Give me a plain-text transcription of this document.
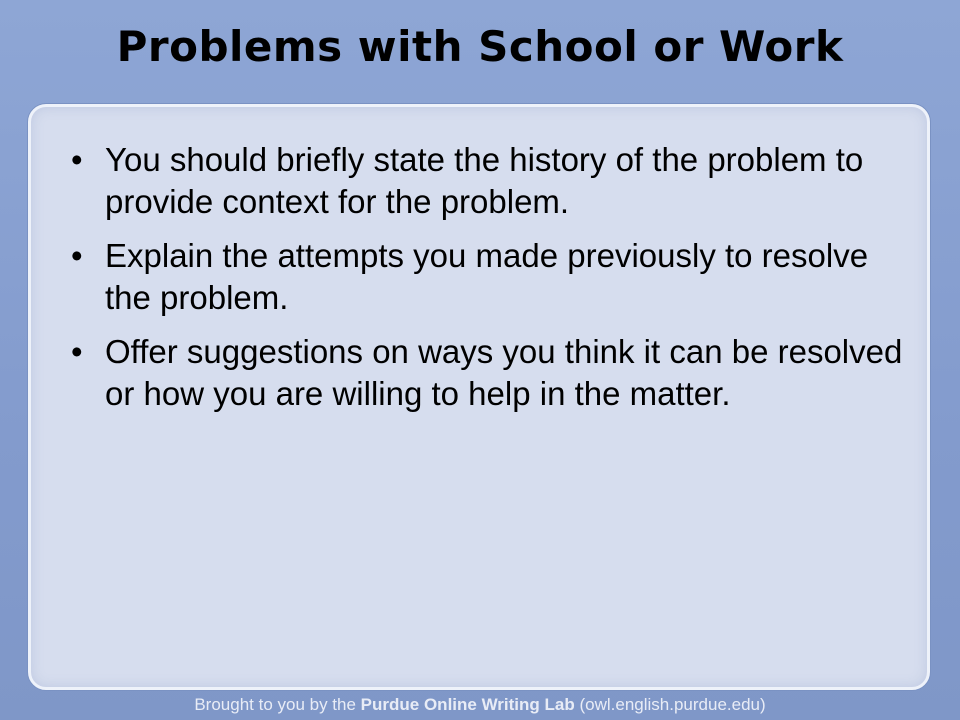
Problems with School or Work
• You should briefly state the history of the problem to provide context for the problem.
• Explain the attempts you made previously to resolve the problem.
• Offer suggestions on ways you think it can be resolved or how you are willing to help in the matter.
Brought to you by the Purdue Online Writing Lab (owl.english.purdue.edu)
